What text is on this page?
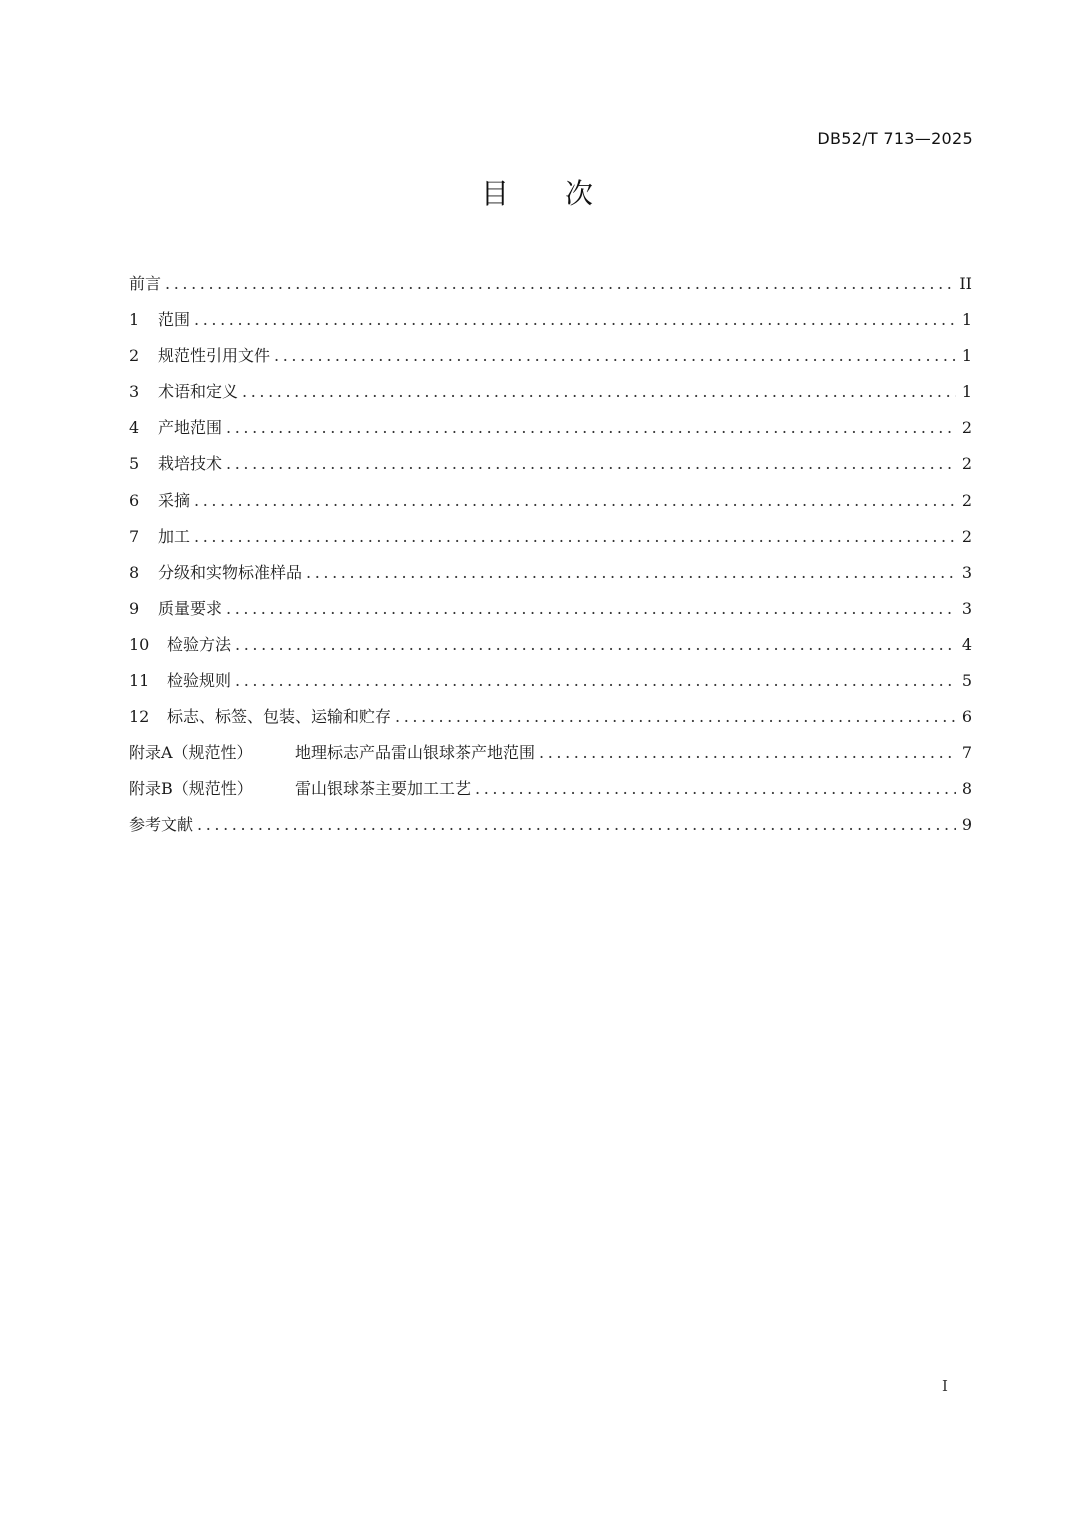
DB52/T 713—2025
目次
前言 .....	II
1	范围 .....	1
2	规范性引用文件 .....	1
3	术语和定义 .....	1
4	产地范围 .....	2
5	栽培技术 .....	2
6	采摘 .....	2
7	加工 .....	2
8	分级和实物标准样品 .....	3
9	质量要求 .....	3
10	检验方法 .....	4
11	检验规则 .....	5
12	标志、标签、包装、运输和贮存 .....	6
附录A（规范性）	地理标志产品雷山银球茶产地范围 .....	7
附录B（规范性）	雷山银球茶主要加工工艺 .....	8
参考文献 .....	9
I
